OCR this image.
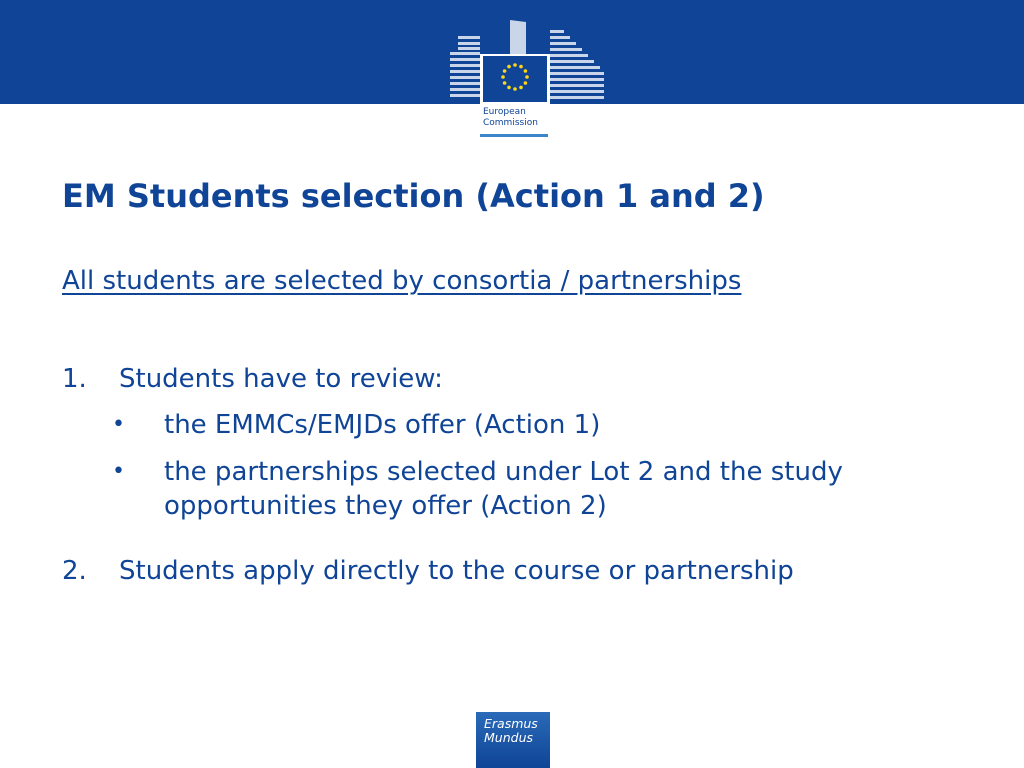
European
Commission
EM Students selection (Action 1 and 2)
All students are selected by consortia / partnerships
1. Students have to review:
• the EMMCs/EMJDs offer (Action 1)
• the partnerships selected under Lot 2 and the study opportunities they offer (Action 2)
2. Students apply directly to the course or partnership
Erasmus
Mundus
